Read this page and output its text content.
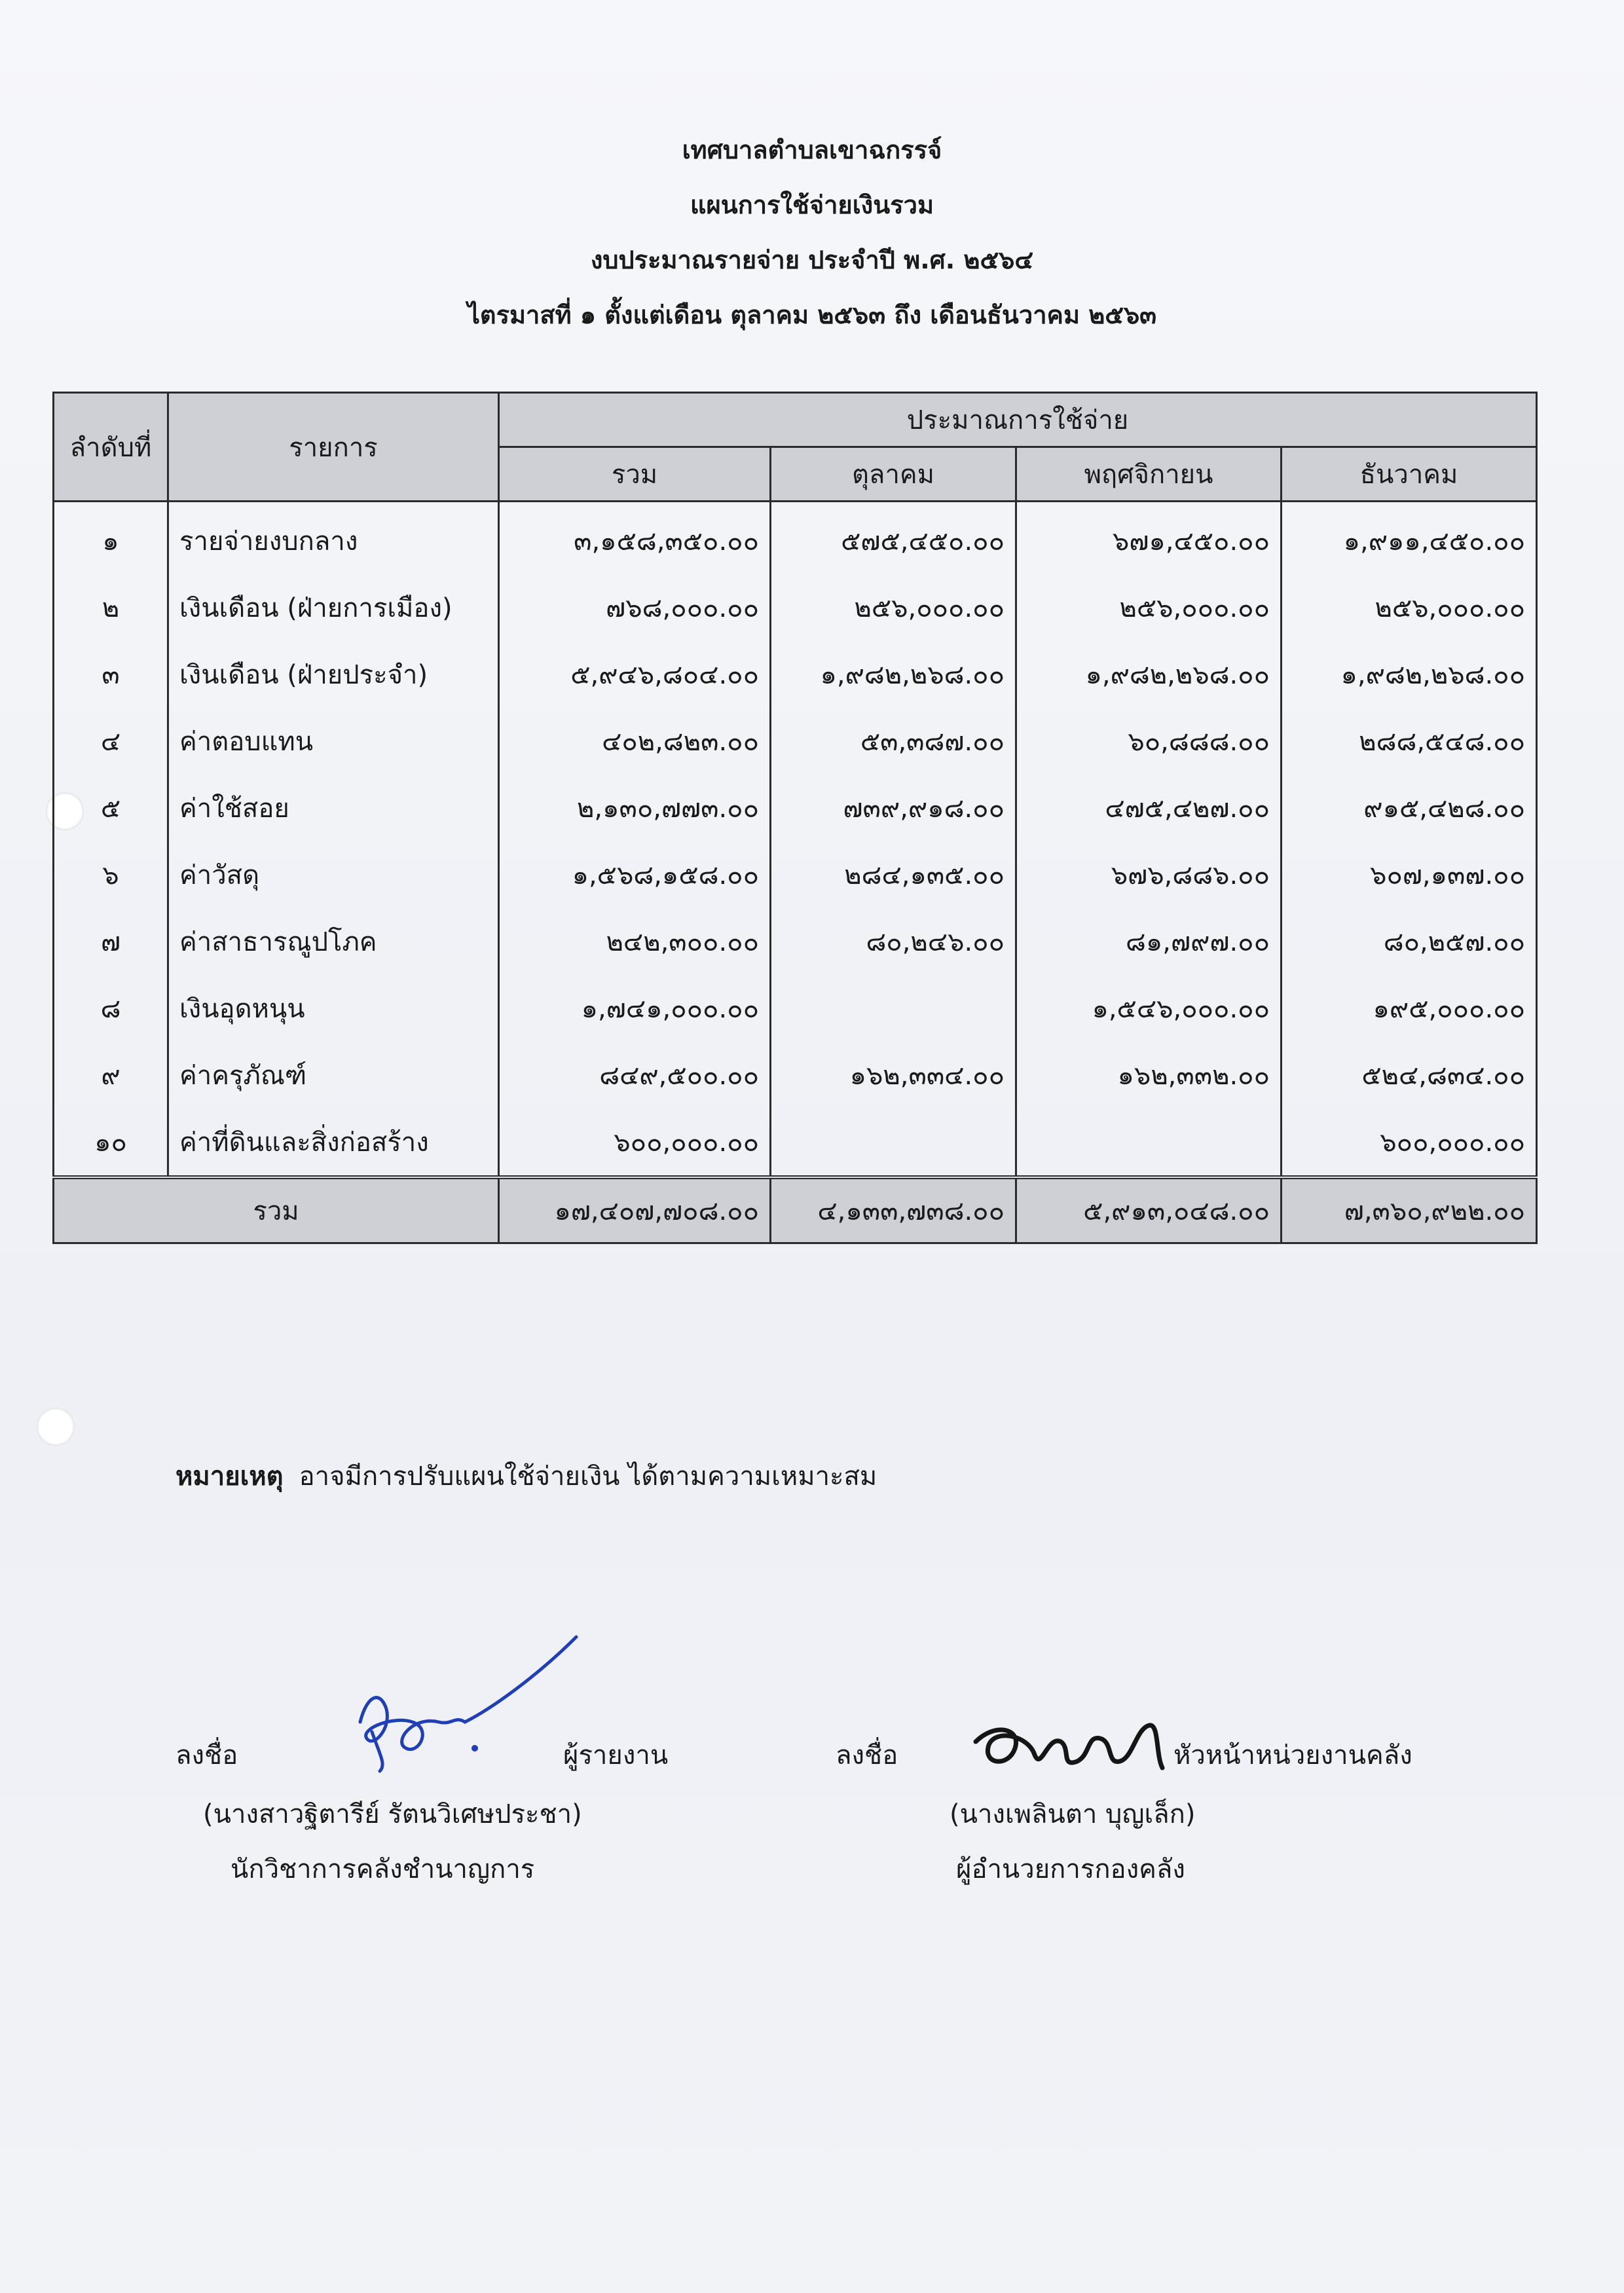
เทศบาลตำบลเขาฉกรรจ์
แผนการใช้จ่ายเงินรวม
งบประมาณรายจ่าย ประจำปี พ.ศ. ๒๕๖๔
ไตรมาสที่ ๑ ตั้งแต่เดือน ตุลาคม ๒๕๖๓ ถึง เดือนธันวาคม ๒๕๖๓
ลำดับที่	รายการ	ประมาณการใช้จ่าย			
		รวม	ตุลาคม	พฤศจิกายน	ธันวาคม
๑	รายจ่ายงบกลาง	๓,๑๕๘,๓๕๐.๐๐	๕๗๕,๔๕๐.๐๐	๖๗๑,๔๕๐.๐๐	๑,๙๑๑,๔๕๐.๐๐
๒	เงินเดือน (ฝ่ายการเมือง)	๗๖๘,๐๐๐.๐๐	๒๕๖,๐๐๐.๐๐	๒๕๖,๐๐๐.๐๐	๒๕๖,๐๐๐.๐๐
๓	เงินเดือน (ฝ่ายประจำ)	๕,๙๔๖,๘๐๔.๐๐	๑,๙๘๒,๒๖๘.๐๐	๑,๙๘๒,๒๖๘.๐๐	๑,๙๘๒,๒๖๘.๐๐
๔	ค่าตอบแทน	๔๐๒,๘๒๓.๐๐	๕๓,๓๘๗.๐๐	๖๐,๘๘๘.๐๐	๒๘๘,๕๔๘.๐๐
๕	ค่าใช้สอย	๒,๑๓๐,๗๗๓.๐๐	๗๓๙,๙๑๘.๐๐	๔๗๕,๔๒๗.๐๐	๙๑๕,๔๒๘.๐๐
๖	ค่าวัสดุ	๑,๕๖๘,๑๕๘.๐๐	๒๘๔,๑๓๕.๐๐	๖๗๖,๘๘๖.๐๐	๖๐๗,๑๓๗.๐๐
๗	ค่าสาธารณูปโภค	๒๔๒,๓๐๐.๐๐	๘๐,๒๔๖.๐๐	๘๑,๗๙๗.๐๐	๘๐,๒๕๗.๐๐
๘	เงินอุดหนุน	๑,๗๔๑,๐๐๐.๐๐		๑,๕๔๖,๐๐๐.๐๐	๑๙๕,๐๐๐.๐๐
๙	ค่าครุภัณฑ์	๘๔๙,๕๐๐.๐๐	๑๖๒,๓๓๔.๐๐	๑๖๒,๓๓๒.๐๐	๕๒๔,๘๓๔.๐๐
๑๐	ค่าที่ดินและสิ่งก่อสร้าง	๖๐๐,๐๐๐.๐๐			๖๐๐,๐๐๐.๐๐
รวม		๑๗,๔๐๗,๗๐๘.๐๐	๔,๑๓๓,๗๓๘.๐๐	๕,๙๑๓,๐๔๘.๐๐	๗,๓๖๐,๙๒๒.๐๐
หมายเหตุ อาจมีการปรับแผนใช้จ่ายเงิน ได้ตามความเหมาะสม
ลงชื่อ	ผู้รายงาน
(นางสาวฐิตารีย์ รัตนวิเศษประชา)
นักวิชาการคลังชำนาญการ
ลงชื่อ	หัวหน้าหน่วยงานคลัง
(นางเพลินตา บุญเล็ก)
ผู้อำนวยการกองคลัง
